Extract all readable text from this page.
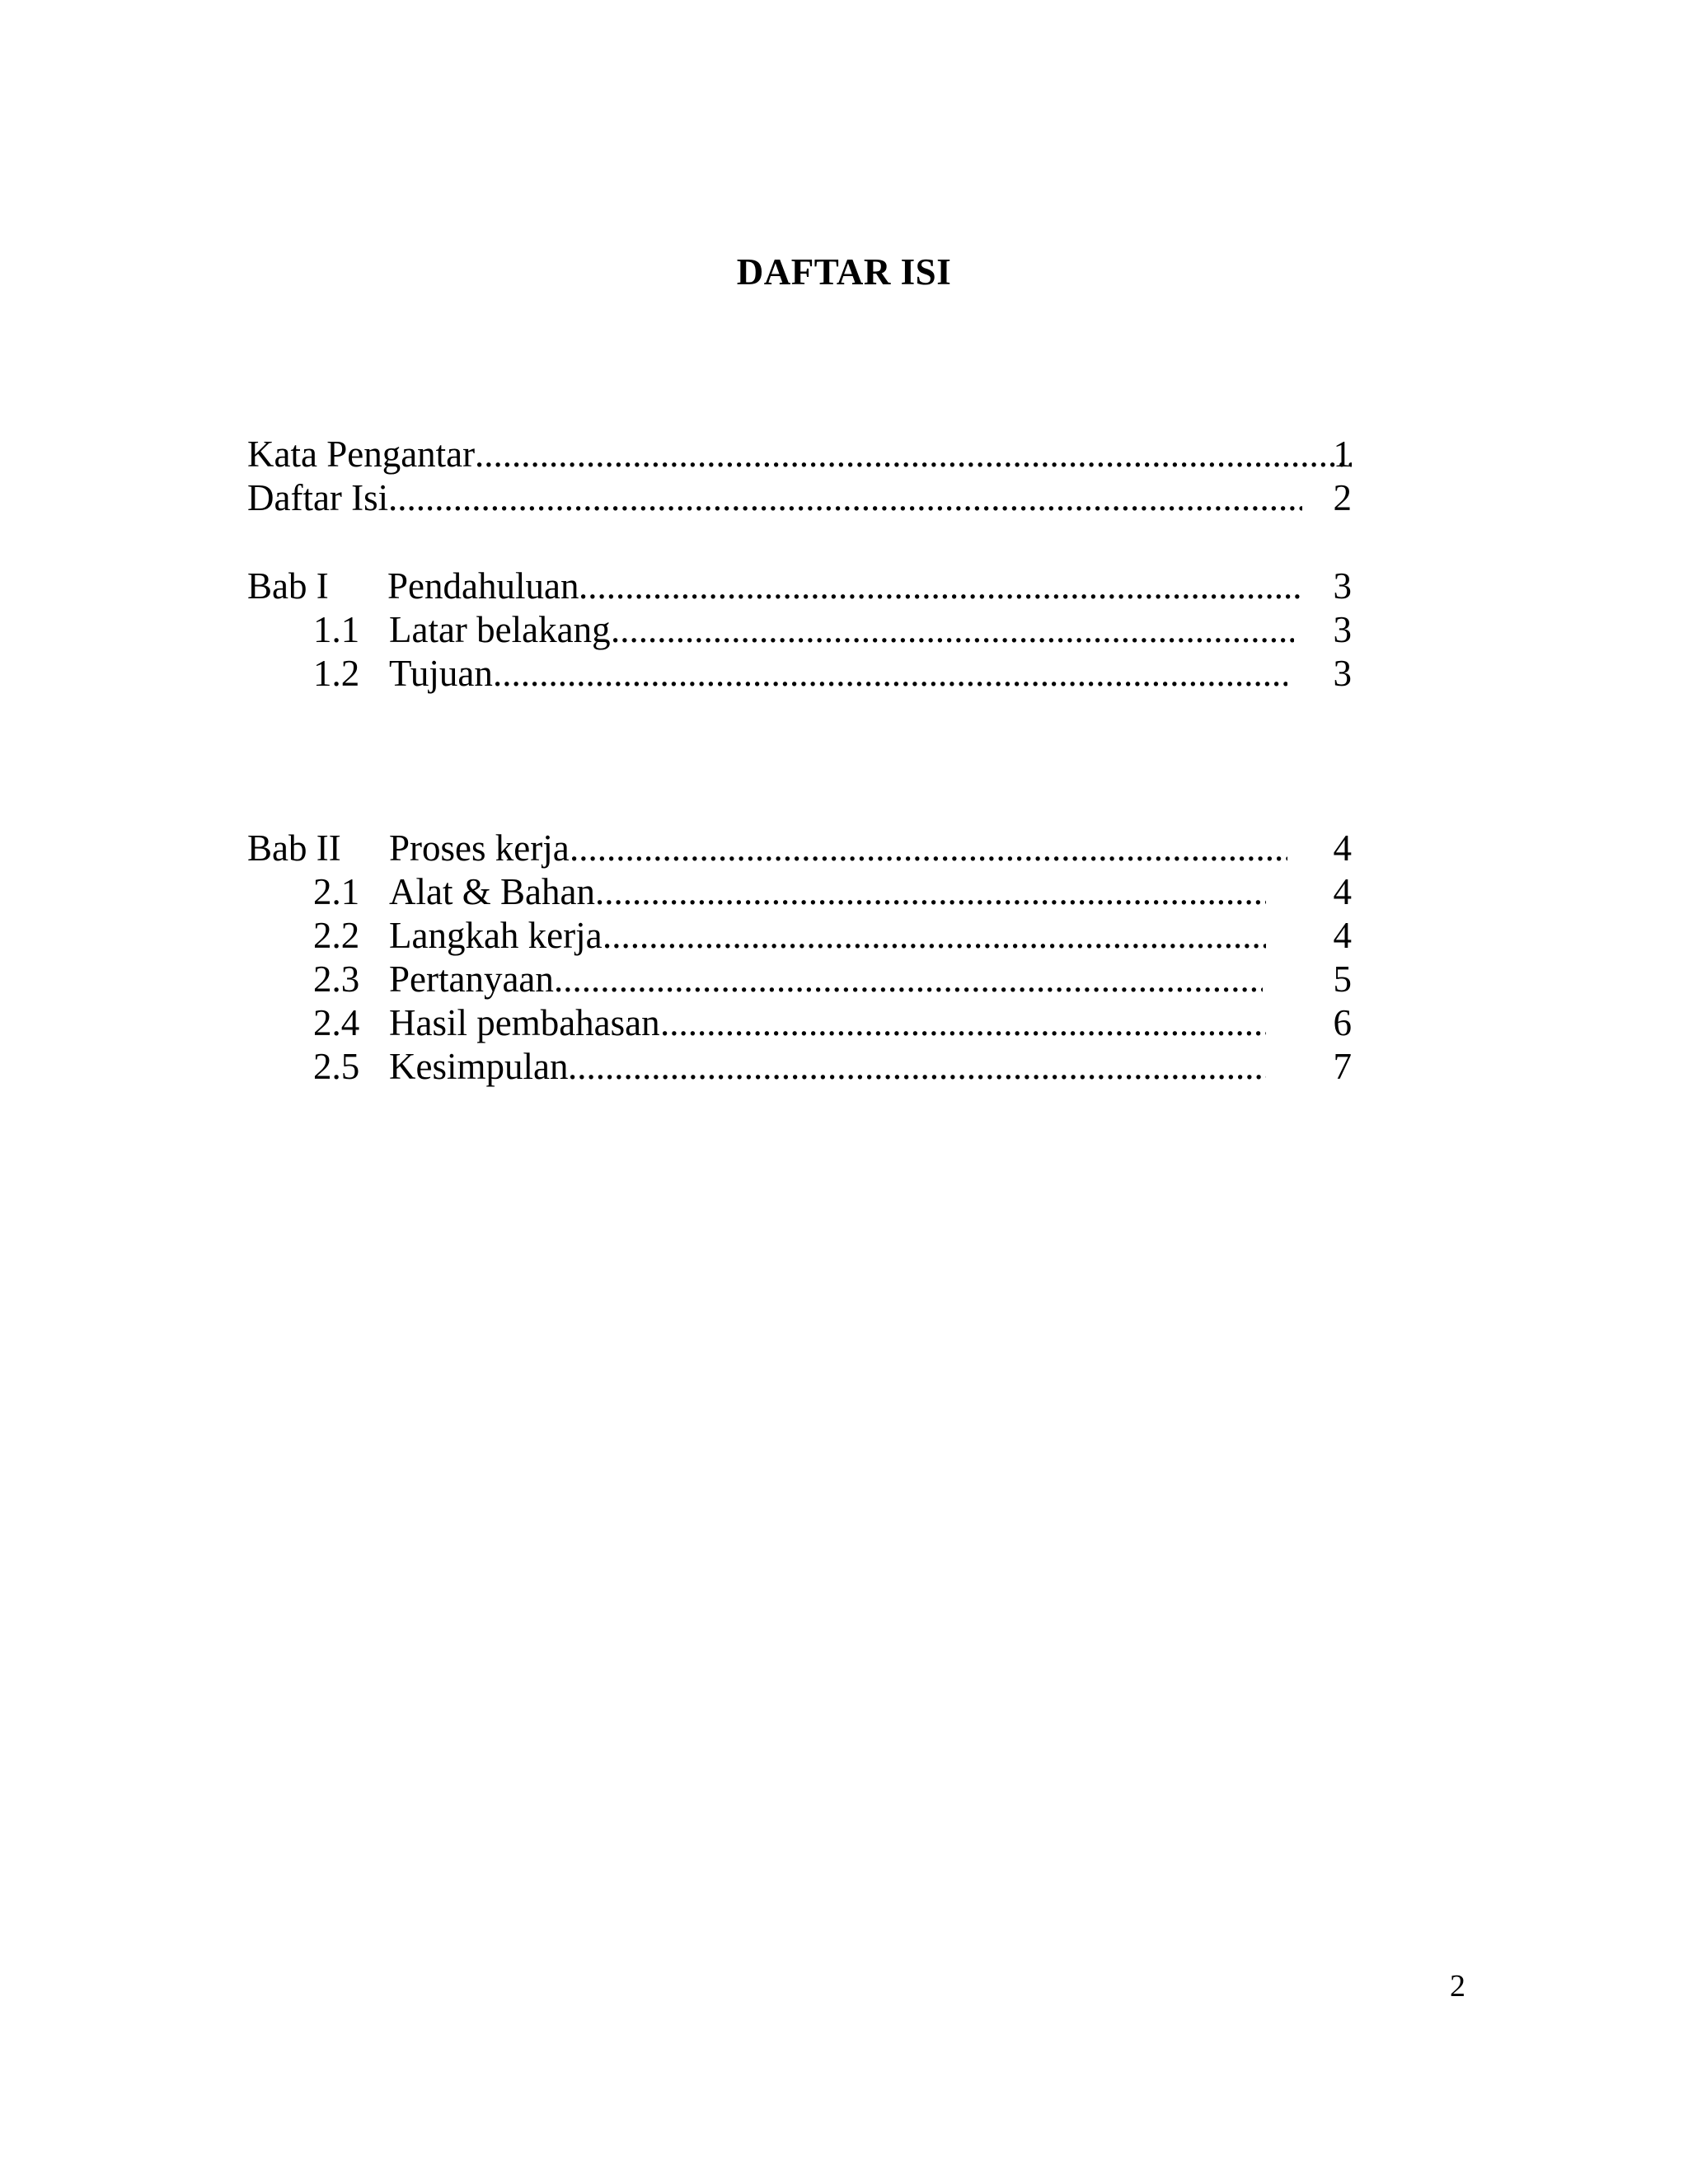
DAFTAR ISI
Kata Pengantar .....	1
Daftar Isi .....	2
Bab I Pendahuluan .....	3
1.1 Latar belakang .....	3
1.2 Tujuan .....	3
Bab II Proses kerja .....	4
2.1 Alat & Bahan .....	4
2.2 Langkah kerja .....	4
2.3 Pertanyaan .....	5
2.4 Hasil pembahasan .....	6
2.5 Kesimpulan .....	7
2
